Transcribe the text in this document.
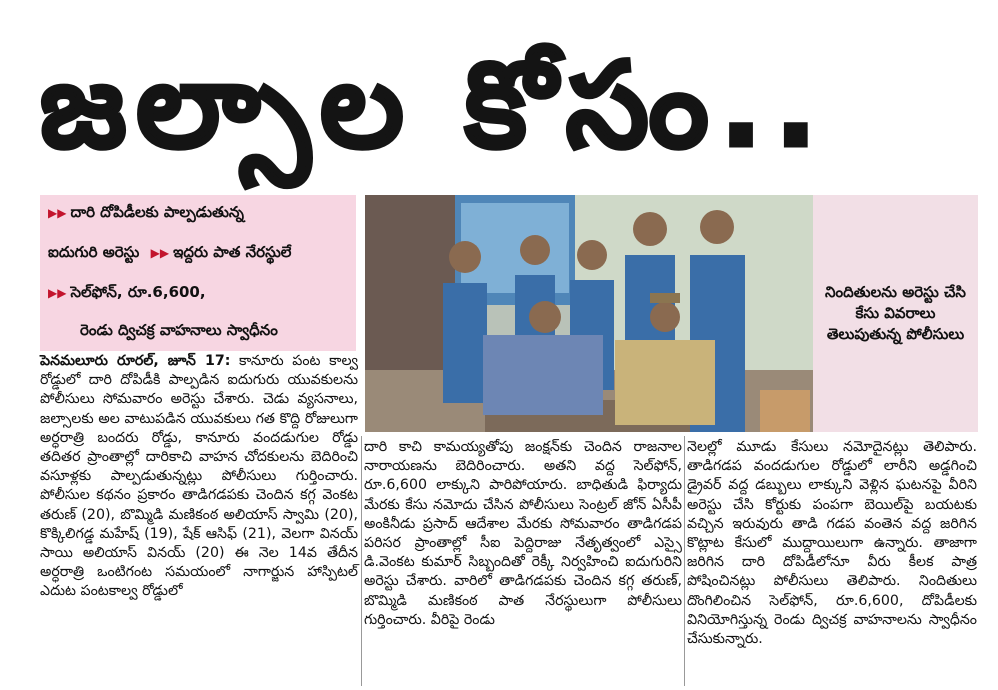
జల్సాల కోసం..
▶▶ దారి దోపిడీలకు పాల్పడుతున్న
ఐదుగురి అరెస్టు ▶▶ ఇద్దరు పాత నేరస్థులే
▶▶ సెల్‌ఫోన్, రూ.6,600,
రెండు ద్విచక్ర వాహనాలు స్వాధీనం
నిందితులను అరెస్టు చేసి కేసు వివరాలు తెలుపుతున్న పోలీసులు

పెనమలూరు రూరల్, జూన్ 17: కానూరు పంట కాల్వ రోడ్డులో దారి దోపిడీకి పాల్పడిన ఐదుగురు యువకులను పోలీసులు సోమవారం అరెస్టు చేశారు. చెడు వ్యసనాలు, జల్సాలకు అల వాటుపడిన యువకులు గత కొద్ది రోజులుగా అర్ధరాత్రి బందరు రోడ్డు, కానూరు వందడుగుల రోడ్డు తదితర ప్రాంతాల్లో దారికాచి వాహన చోదకులను బెదిరించి వసూళ్లకు పాల్పడుతున్నట్లు పోలీసులు గుర్తించారు. పోలీసుల కథనం ప్రకారం తాడిగడపకు చెందిన కగ్గ వెంకట తరుణ్ (20), బొమ్మిడి మణికంఠ అలియాస్ స్వామి (20), కొక్కిలిగడ్డ మహేష్ (19), షేక్ ఆసిఫ్ (21), వెలగా వినయ్ సాయి అలియాస్ వినయ్ (20) ఈ నెల 14వ తేదీన అర్ధరాత్రి ఒంటిగంట సమయంలో నాగార్జున హాస్పిటల్ ఎదుట పంటకాల్వ రోడ్డులో

దారి కాచి కామయ్యతోపు జంక్షన్‌కు చెందిన రాజనాల నారాయణను బెదిరించారు. అతని వద్ద సెల్‌ఫోన్, రూ.6,600 లాక్కుని పారిపోయారు. బాధితుడి ఫిర్యాదు మేరకు కేసు నమోదు చేసిన పోలీసులు సెంట్రల్ జోన్ ఏసీపీ అంకినీడు ప్రసాద్ ఆదేశాల మేరకు సోమవారం తాడిగడప పరిసర ప్రాంతాల్లో సీఐ పెద్దిరాజు నేతృత్వంలో ఎస్సై డి.వెంకట కుమార్ సిబ్బందితో రెక్కీ నిర్వహించి ఐదుగురిని అరెస్టు చేశారు. వారిలో తాడిగడపకు చెందిన కగ్గ తరుణ్, బొమ్మిడి మణికంఠ పాత నేరస్థులుగా పోలీసులు గుర్తించారు. వీరిపై రెండు

నెలల్లో మూడు కేసులు నమోదైనట్లు తెలిపారు. తాడిగడప వందడుగుల రోడ్డులో లారీని అడ్డగించి డ్రైవర్ వద్ద డబ్బులు లాక్కుని వెళ్లిన ఘటనపై వీరిని అరెస్టు చేసి కోర్టుకు పంపగా బెయిల్‌పై బయటకు వచ్చిన ఇరువురు తాడి గడప వంతెన వద్ద జరిగిన కొట్లాట కేసులో ముద్దాయిలుగా ఉన్నారు. తాజాగా జరిగిన దారి దోపిడీలోనూ వీరు కీలక పాత్ర పోషించినట్లు పోలీసులు తెలిపారు. నిందితులు దొంగిలించిన సెల్‌ఫోన్, రూ.6,600, దోపిడీలకు వినియోగిస్తున్న రెండు ద్విచక్ర వాహనాలను స్వాధీనం చేసుకున్నారు.
